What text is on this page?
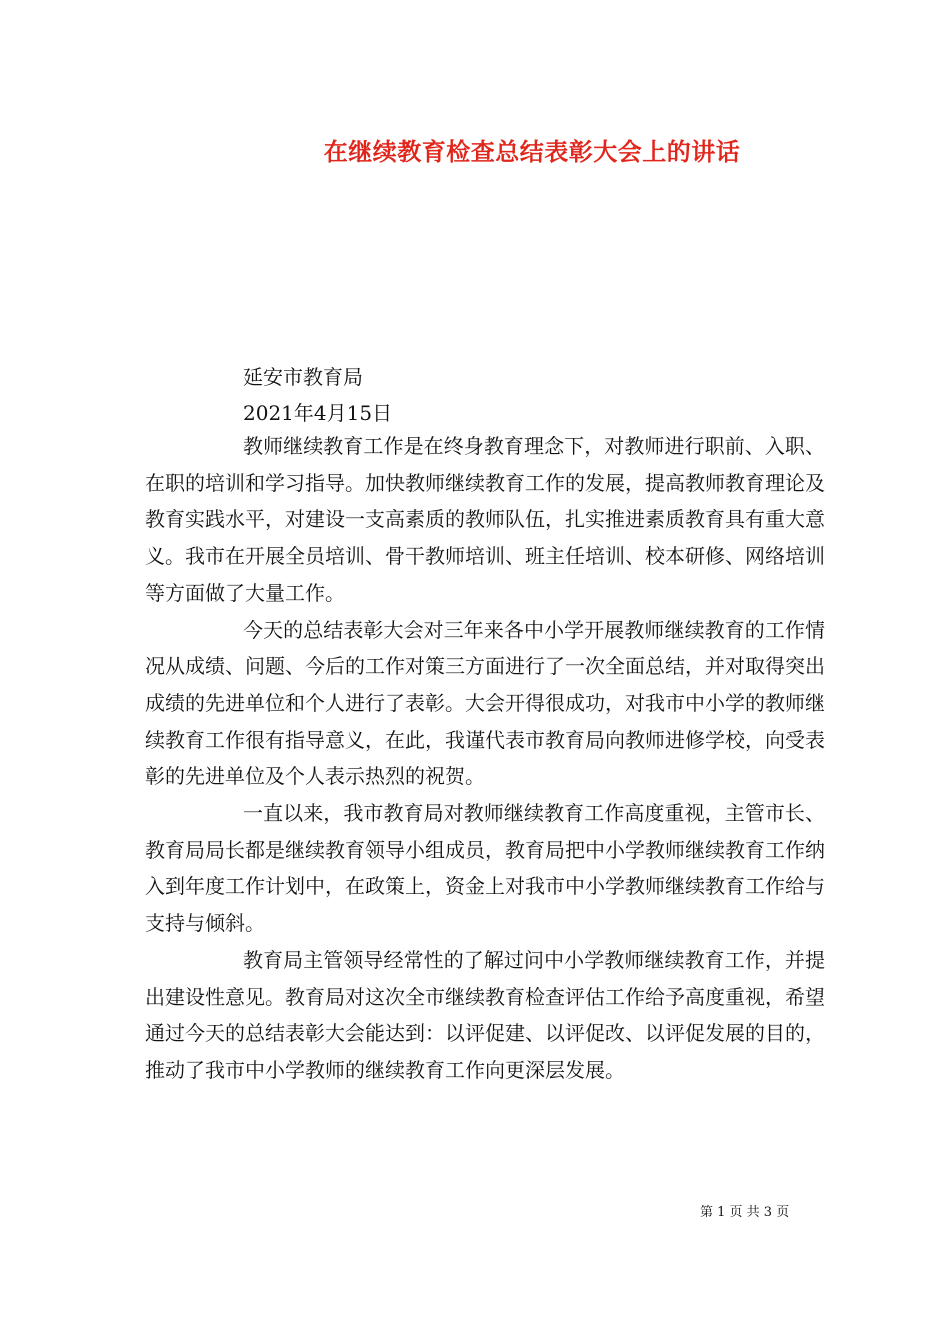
在继续教育检查总结表彰大会上的讲话
延安市教育局
2021年4月15日

教师继续教育工作是在终身教育理念下，对教师进行职前、入职、在职的培训和学习指导。加快教师继续教育工作的发展，提高教师教育理论及教育实践水平，对建设一支高素质的教师队伍，扎实推进素质教育具有重大意义。我市在开展全员培训、骨干教师培训、班主任培训、校本研修、网络培训等方面做了大量工作。

今天的总结表彰大会对三年来各中小学开展教师继续教育的工作情况从成绩、问题、今后的工作对策三方面进行了一次全面总结，并对取得突出成绩的先进单位和个人进行了表彰。大会开得很成功，对我市中小学的教师继续教育工作很有指导意义，在此，我谨代表市教育局向教师进修学校，向受表彰的先进单位及个人表示热烈的祝贺。

一直以来，我市教育局对教师继续教育工作高度重视，主管市长、教育局局长都是继续教育领导小组成员，教育局把中小学教师继续教育工作纳入到年度工作计划中，在政策上，资金上对我市中小学教师继续教育工作给与支持与倾斜。

教育局主管领导经常性的了解过问中小学教师继续教育工作，并提出建设性意见。教育局对这次全市继续教育检查评估工作给予高度重视，希望通过今天的总结表彰大会能达到：以评促建、以评促改、以评促发展的目的，推动了我市中小学教师的继续教育工作向更深层发展。

第 1 页 共 3 页
